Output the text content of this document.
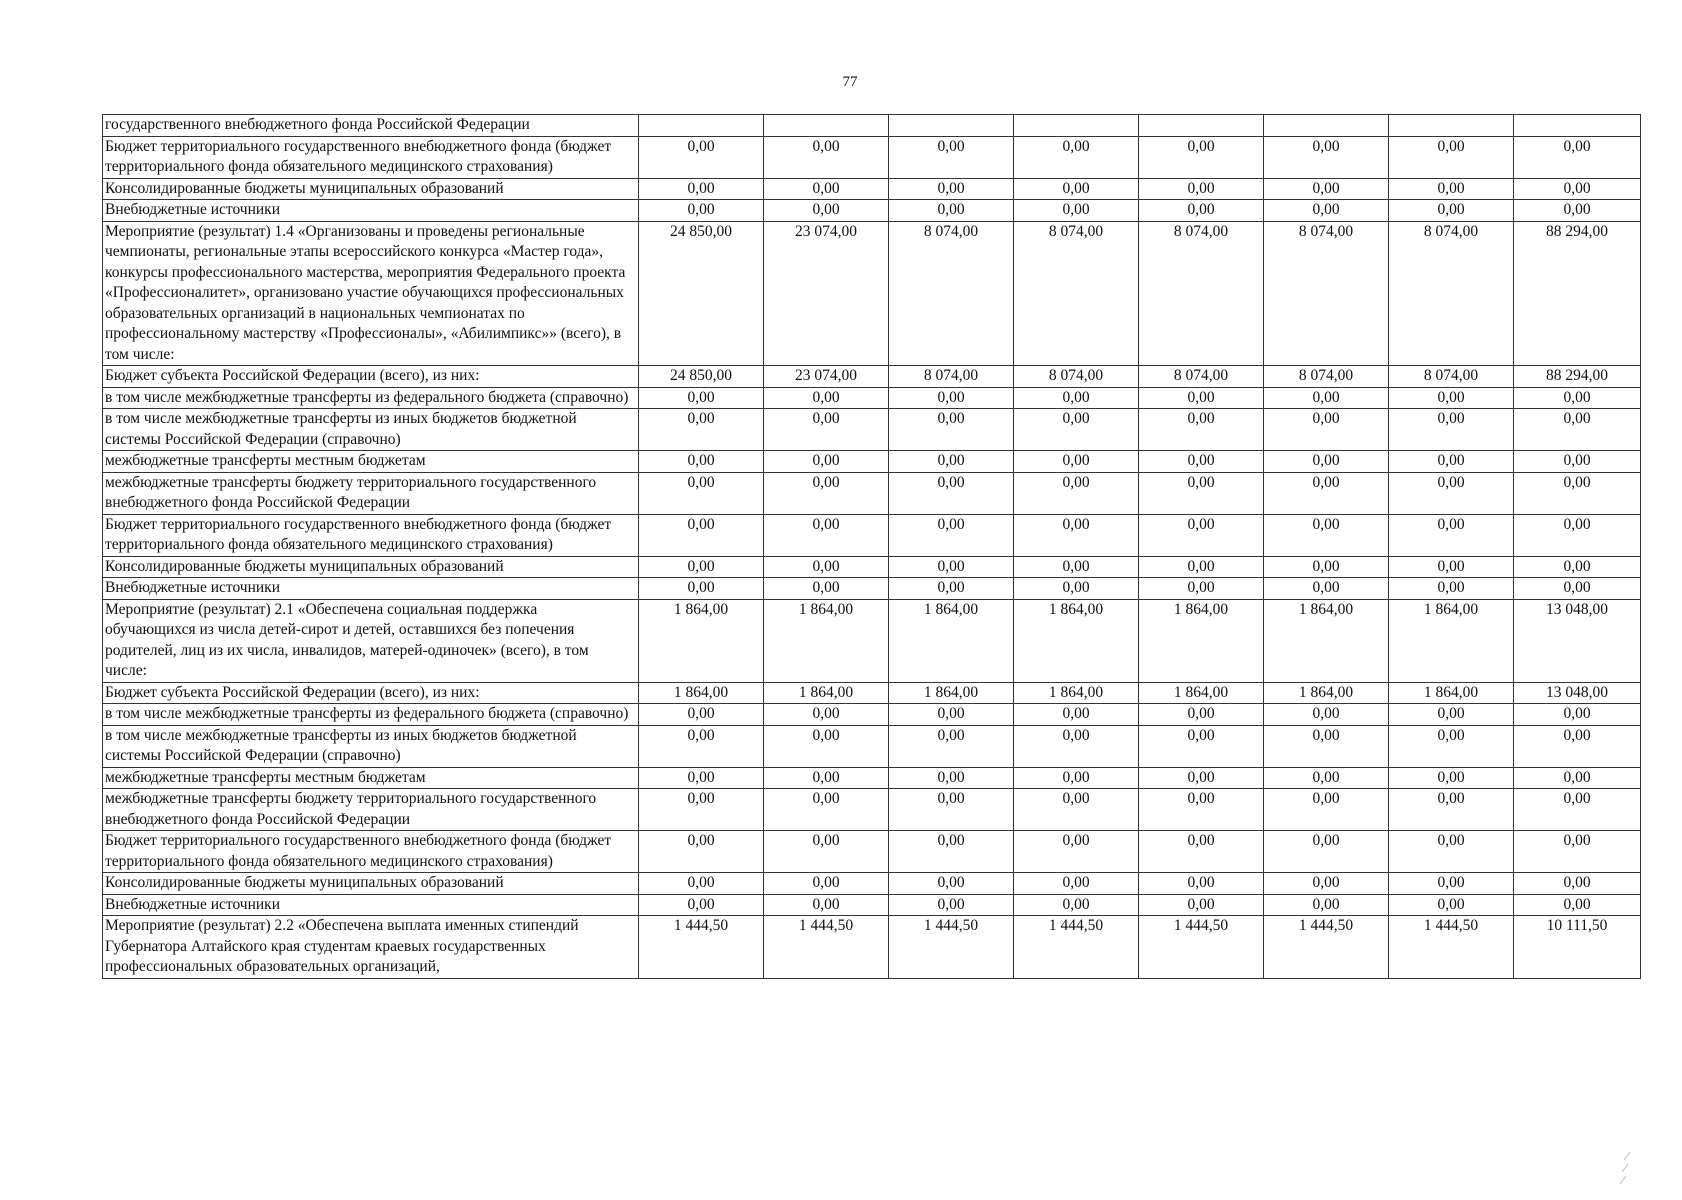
77
государственного внебюджетного фонда Российской Федерации								
Бюджет территориального государственного внебюджетного фонда (бюджет территориального фонда обязательного медицинского страхования)	0,00	0,00	0,00	0,00	0,00	0,00	0,00	0,00
Консолидированные бюджеты муниципальных образований	0,00	0,00	0,00	0,00	0,00	0,00	0,00	0,00
Внебюджетные источники	0,00	0,00	0,00	0,00	0,00	0,00	0,00	0,00
Мероприятие (результат) 1.4 «Организованы и проведены региональные чемпионаты, региональные этапы всероссийского конкурса «Мастер года», конкурсы профессионального мастерства, мероприятия Федерального проекта «Профессионалитет», организовано участие обучающихся профессиональных образовательных организаций в национальных чемпионатах по профессиональному мастерству «Профессионалы», «Абилимпикс»» (всего), в том числе:	24 850,00	23 074,00	8 074,00	8 074,00	8 074,00	8 074,00	8 074,00	88 294,00
Бюджет субъекта Российской Федерации (всего), из них:	24 850,00	23 074,00	8 074,00	8 074,00	8 074,00	8 074,00	8 074,00	88 294,00
в том числе межбюджетные трансферты из федерального бюджета (справочно)	0,00	0,00	0,00	0,00	0,00	0,00	0,00	0,00
в том числе межбюджетные трансферты из иных бюджетов бюджетной системы Российской Федерации (справочно)	0,00	0,00	0,00	0,00	0,00	0,00	0,00	0,00
межбюджетные трансферты местным бюджетам	0,00	0,00	0,00	0,00	0,00	0,00	0,00	0,00
межбюджетные трансферты бюджету территориального государственного внебюджетного фонда Российской Федерации	0,00	0,00	0,00	0,00	0,00	0,00	0,00	0,00
Бюджет территориального государственного внебюджетного фонда (бюджет территориального фонда обязательного медицинского страхования)	0,00	0,00	0,00	0,00	0,00	0,00	0,00	0,00
Консолидированные бюджеты муниципальных образований	0,00	0,00	0,00	0,00	0,00	0,00	0,00	0,00
Внебюджетные источники	0,00	0,00	0,00	0,00	0,00	0,00	0,00	0,00
Мероприятие (результат) 2.1 «Обеспечена социальная поддержка обучающихся из числа детей-сирот и детей, оставшихся без попечения родителей, лиц из их числа, инвалидов, матерей-одиночек» (всего), в том числе:	1 864,00	1 864,00	1 864,00	1 864,00	1 864,00	1 864,00	1 864,00	13 048,00
Бюджет субъекта Российской Федерации (всего), из них:	1 864,00	1 864,00	1 864,00	1 864,00	1 864,00	1 864,00	1 864,00	13 048,00
в том числе межбюджетные трансферты из федерального бюджета (справочно)	0,00	0,00	0,00	0,00	0,00	0,00	0,00	0,00
в том числе межбюджетные трансферты из иных бюджетов бюджетной системы Российской Федерации (справочно)	0,00	0,00	0,00	0,00	0,00	0,00	0,00	0,00
межбюджетные трансферты местным бюджетам	0,00	0,00	0,00	0,00	0,00	0,00	0,00	0,00
межбюджетные трансферты бюджету территориального государственного внебюджетного фонда Российской Федерации	0,00	0,00	0,00	0,00	0,00	0,00	0,00	0,00
Бюджет территориального государственного внебюджетного фонда (бюджет территориального фонда обязательного медицинского страхования)	0,00	0,00	0,00	0,00	0,00	0,00	0,00	0,00
Консолидированные бюджеты муниципальных образований	0,00	0,00	0,00	0,00	0,00	0,00	0,00	0,00
Внебюджетные источники	0,00	0,00	0,00	0,00	0,00	0,00	0,00	0,00
Мероприятие (результат) 2.2 «Обеспечена выплата именных стипендий Губернатора Алтайского края студентам краевых государственных профессиональных образовательных организаций,	1 444,50	1 444,50	1 444,50	1 444,50	1 444,50	1 444,50	1 444,50	10 111,50
